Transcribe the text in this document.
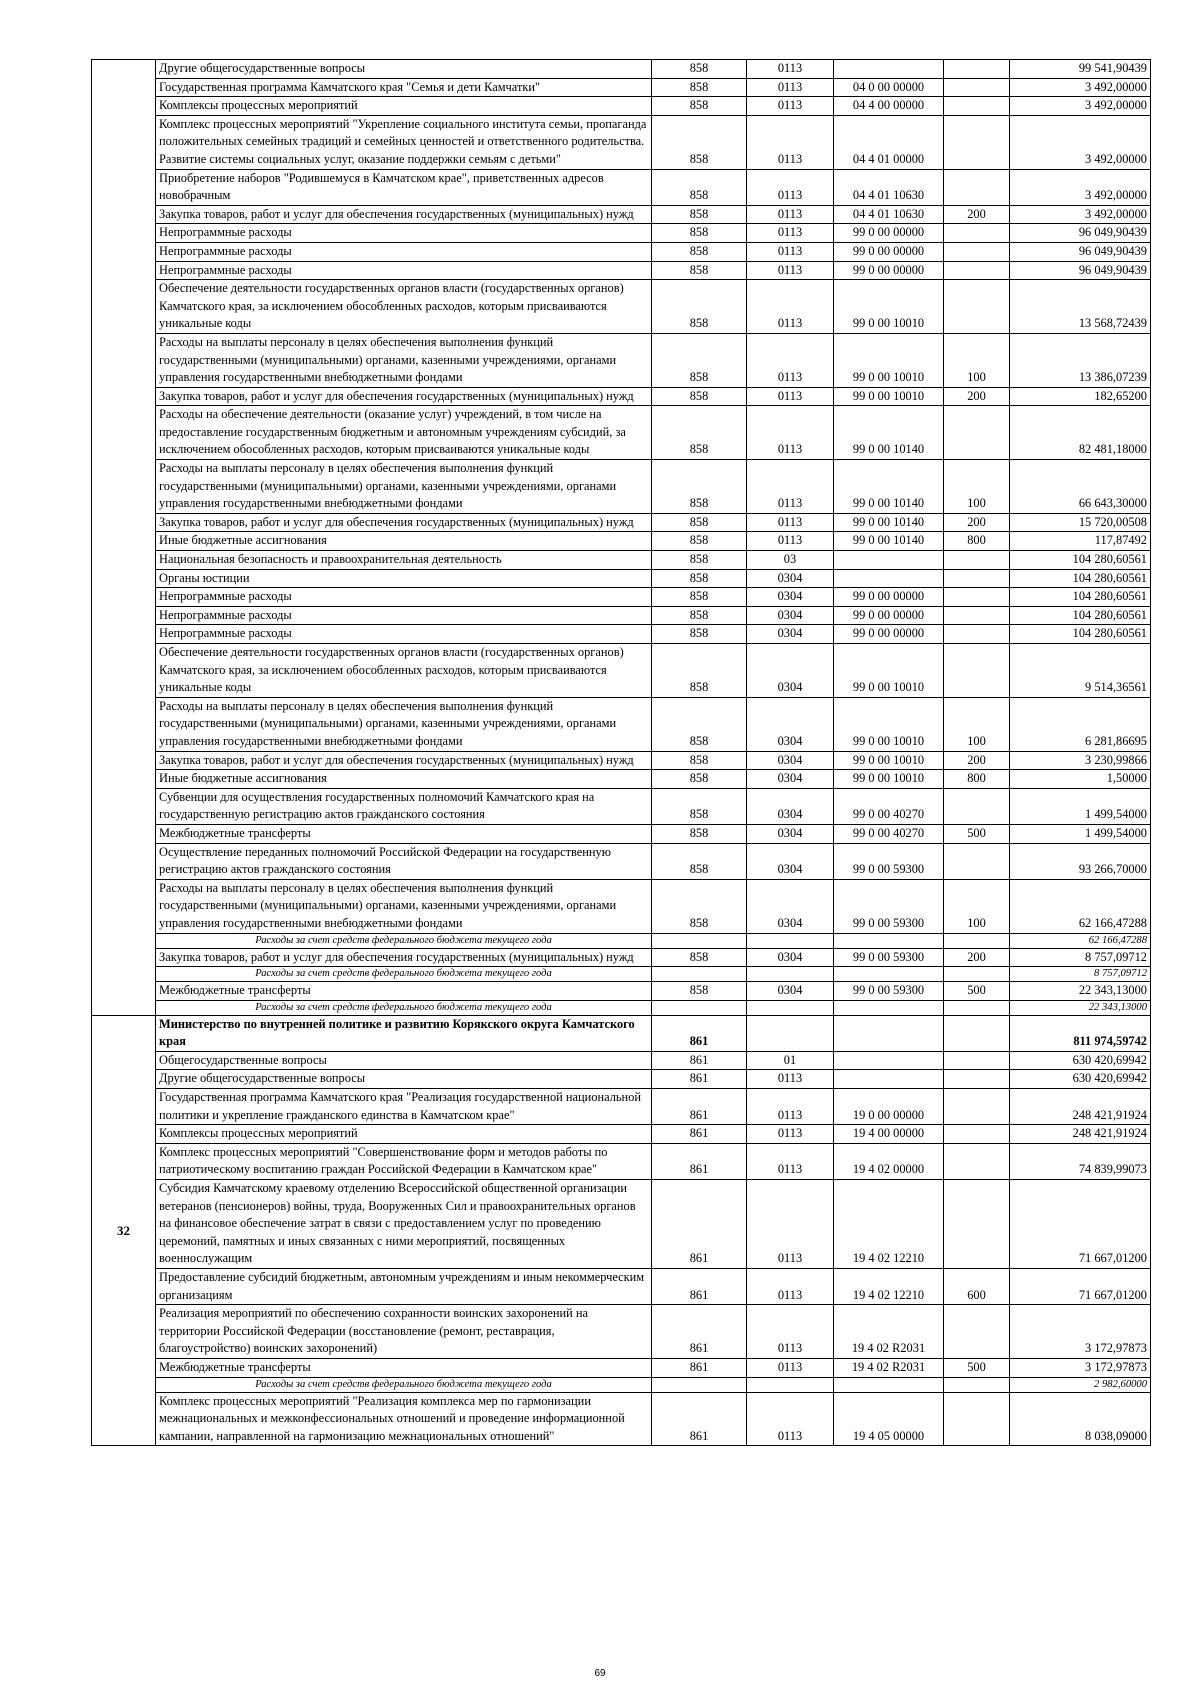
	Другие общегосударственные вопросы	858	0113			99 541,90439
	Государственная программа Камчатского края "Семья и дети Камчатки"	858	0113	04 0 00 00000		3 492,00000
	Комплексы процессных мероприятий	858	0113	04 4 00 00000		3 492,00000
	Комплекс процессных мероприятий "Укрепление социального института семьи, пропаганда положительных семейных традиций и семейных ценностей и ответственного родительства. Развитие системы социальных услуг, оказание поддержки семьям с детьми"	858	0113	04 4 01 00000		3 492,00000
	Приобретение наборов "Родившемуся в Камчатском крае", приветственных адресов новобрачным	858	0113	04 4 01 10630		3 492,00000
	Закупка товаров, работ и услуг для обеспечения государственных (муниципальных) нужд	858	0113	04 4 01 10630	200	3 492,00000
	Непрограммные расходы	858	0113	99 0 00 00000		96 049,90439
	Непрограммные расходы	858	0113	99 0 00 00000		96 049,90439
	Непрограммные расходы	858	0113	99 0 00 00000		96 049,90439
	Обеспечение деятельности государственных органов власти (государственных органов) Камчатского края, за исключением обособленных расходов, которым присваиваются уникальные коды	858	0113	99 0 00 10010		13 568,72439
	Расходы на выплаты персоналу в целях обеспечения выполнения функций государственными (муниципальными) органами, казенными учреждениями, органами управления государственными внебюджетными фондами	858	0113	99 0 00 10010	100	13 386,07239
	Закупка товаров, работ и услуг для обеспечения государственных (муниципальных) нужд	858	0113	99 0 00 10010	200	182,65200
	Расходы на обеспечение деятельности (оказание услуг) учреждений, в том числе на предоставление государственным бюджетным и автономным учреждениям субсидий, за исключением обособленных расходов, которым присваиваются уникальные коды	858	0113	99 0 00 10140		82 481,18000
	Расходы на выплаты персоналу в целях обеспечения выполнения функций государственными (муниципальными) органами, казенными учреждениями, органами управления государственными внебюджетными фондами	858	0113	99 0 00 10140	100	66 643,30000
	Закупка товаров, работ и услуг для обеспечения государственных (муниципальных) нужд	858	0113	99 0 00 10140	200	15 720,00508
	Иные бюджетные ассигнования	858	0113	99 0 00 10140	800	117,87492
	Национальная безопасность и правоохранительная деятельность	858	03			104 280,60561
	Органы юстиции	858	0304			104 280,60561
	Непрограммные расходы	858	0304	99 0 00 00000		104 280,60561
	Непрограммные расходы	858	0304	99 0 00 00000		104 280,60561
	Непрограммные расходы	858	0304	99 0 00 00000		104 280,60561
	Обеспечение деятельности государственных органов власти (государственных органов) Камчатского края, за исключением обособленных расходов, которым присваиваются уникальные коды	858	0304	99 0 00 10010		9 514,36561
	Расходы на выплаты персоналу в целях обеспечения выполнения функций государственными (муниципальными) органами, казенными учреждениями, органами управления государственными внебюджетными фондами	858	0304	99 0 00 10010	100	6 281,86695
	Закупка товаров, работ и услуг для обеспечения государственных (муниципальных) нужд	858	0304	99 0 00 10010	200	3 230,99866
	Иные бюджетные ассигнования	858	0304	99 0 00 10010	800	1,50000
	Субвенции для осуществления государственных полномочий Камчатского края на государственную регистрацию актов гражданского состояния	858	0304	99 0 00 40270		1 499,54000
	Межбюджетные трансферты	858	0304	99 0 00 40270	500	1 499,54000
	Осуществление переданных полномочий Российской Федерации на государственную регистрацию актов гражданского состояния	858	0304	99 0 00 59300		93 266,70000
	Расходы на выплаты персоналу в целях обеспечения выполнения функций государственными (муниципальными) органами, казенными учреждениями, органами управления государственными внебюджетными фондами	858	0304	99 0 00 59300	100	62 166,47288
	Расходы за счет средств федерального бюджета текущего года					62 166,47288
	Закупка товаров, работ и услуг для обеспечения государственных (муниципальных) нужд	858	0304	99 0 00 59300	200	8 757,09712
	Расходы за счет средств федерального бюджета текущего года					8 757,09712
	Межбюджетные трансферты	858	0304	99 0 00 59300	500	22 343,13000
	Расходы за счет средств федерального бюджета текущего года					22 343,13000
32	Министерство по внутренней политике и развитию Корякского округа Камчатского края	861				811 974,59742
	Общегосударственные вопросы	861	01			630 420,69942
	Другие общегосударственные вопросы	861	0113			630 420,69942
	Государственная программа Камчатского края "Реализация государственной национальной политики и укрепление гражданского единства в Камчатском крае"	861	0113	19 0 00 00000		248 421,91924
	Комплексы процессных мероприятий	861	0113	19 4 00 00000		248 421,91924
	Комплекс процессных мероприятий "Совершенствование форм и методов работы по патриотическому воспитанию граждан Российской Федерации в Камчатском крае"	861	0113	19 4 02 00000		74 839,99073
	Субсидия Камчатскому краевому отделению Всероссийской общественной организации ветеранов (пенсионеров) войны, труда, Вооруженных Сил и правоохранительных органов на финансовое обеспечение затрат в связи с предоставлением услуг по проведению церемоний, памятных и иных связанных с ними мероприятий, посвященных военнослужащим	861	0113	19 4 02 12210		71 667,01200
	Предоставление субсидий бюджетным, автономным учреждениям и иным некоммерческим организациям	861	0113	19 4 02 12210	600	71 667,01200
	Реализация мероприятий по обеспечению сохранности воинских захоронений на территории Российской Федерации (восстановление (ремонт, реставрация, благоустройство) воинских захоронений)	861	0113	19 4 02 R2031		3 172,97873
	Межбюджетные трансферты	861	0113	19 4 02 R2031	500	3 172,97873
	Расходы за счет средств федерального бюджета текущего года					2 982,60000
	Комплекс процессных мероприятий "Реализация комплекса мер по гармонизации межнациональных и межконфессиональных отношений и проведение информационной кампании, направленной на гармонизацию межнациональных отношений"	861	0113	19 4 05 00000		8 038,09000
69
